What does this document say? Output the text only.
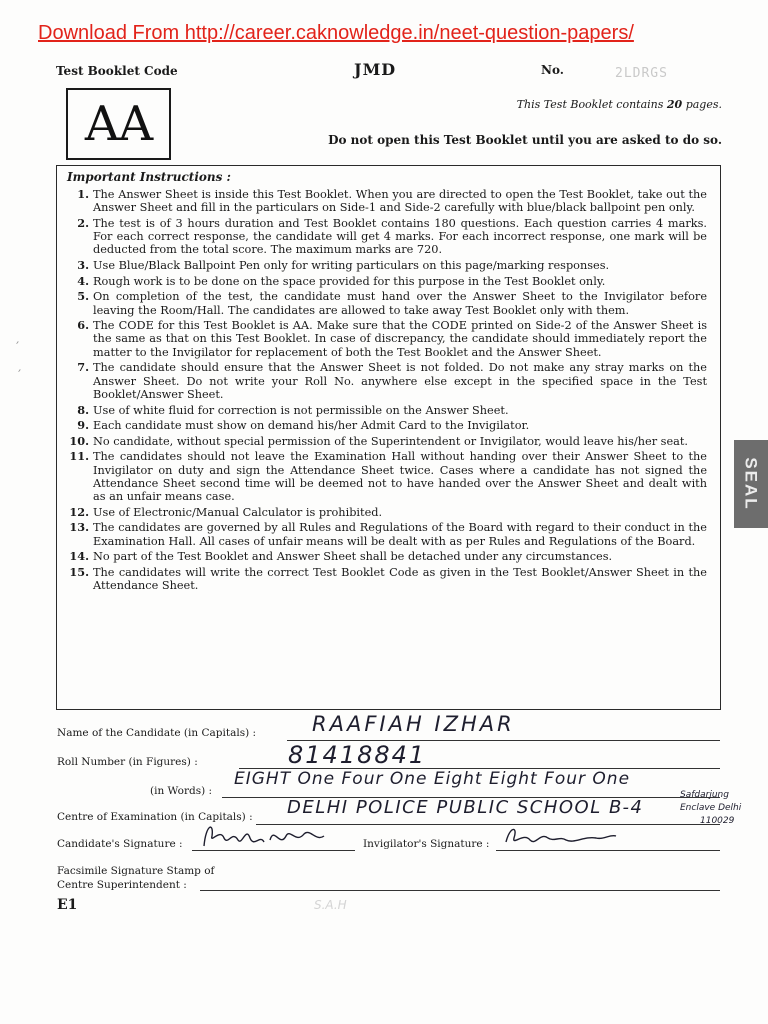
Download From http://career.caknowledge.in/neet-question-papers/

Test Booklet Code	JMD	No.	2LDRGS
AA	This Test Booklet contains 20 pages.
Do not open this Test Booklet until you are asked to do so.
Important Instructions :
1. The Answer Sheet is inside this Test Booklet. When you are directed to open the Test Booklet, take out the Answer Sheet and fill in the particulars on Side-1 and Side-2 carefully with blue/black ballpoint pen only.
2. The test is of 3 hours duration and Test Booklet contains 180 questions. Each question carries 4 marks. For each correct response, the candidate will get 4 marks. For each incorrect response, one mark will be deducted from the total score. The maximum marks are 720.
3. Use Blue/Black Ballpoint Pen only for writing particulars on this page/marking responses.
4. Rough work is to be done on the space provided for this purpose in the Test Booklet only.
5. On completion of the test, the candidate must hand over the Answer Sheet to the Invigilator before leaving the Room/Hall. The candidates are allowed to take away Test Booklet only with them.
6. The CODE for this Test Booklet is AA. Make sure that the CODE printed on Side-2 of the Answer Sheet is the same as that on this Test Booklet. In case of discrepancy, the candidate should immediately report the matter to the Invigilator for replacement of both the Test Booklet and the Answer Sheet.
7. The candidate should ensure that the Answer Sheet is not folded. Do not make any stray marks on the Answer Sheet. Do not write your Roll No. anywhere else except in the specified space in the Test Booklet/Answer Sheet.
8. Use of white fluid for correction is not permissible on the Answer Sheet.
9. Each candidate must show on demand his/her Admit Card to the Invigilator.
10. No candidate, without special permission of the Superintendent or Invigilator, would leave his/her seat.
11. The candidates should not leave the Examination Hall without handing over their Answer Sheet to the Invigilator on duty and sign the Attendance Sheet twice. Cases where a candidate has not signed the Attendance Sheet second time will be deemed not to have handed over the Answer Sheet and dealt with as an unfair means case.
12. Use of Electronic/Manual Calculator is prohibited.
13. The candidates are governed by all Rules and Regulations of the Board with regard to their conduct in the Examination Hall. All cases of unfair means will be dealt with as per Rules and Regulations of the Board.
14. No part of the Test Booklet and Answer Sheet shall be detached under any circumstances.
15. The candidates will write the correct Test Booklet Code as given in the Test Booklet/Answer Sheet in the Attendance Sheet.
SEAL
′
′
Name of the Candidate (in Capitals) :	RAAFIAH IZHAR
Roll Number (in Figures) :	81418841
(in Words) :
EIGHT One Four One Eight Eight Four One
Centre of Examination (in Capitals) : DELHI POLICE PUBLIC SCHOOL B-4
Safdarjung
Enclave Delhi
110029
Candidate's Signature :	Invigilator's Signature :
Facsimile Signature Stamp of
Centre Superintendent :
E1	S.A.H
